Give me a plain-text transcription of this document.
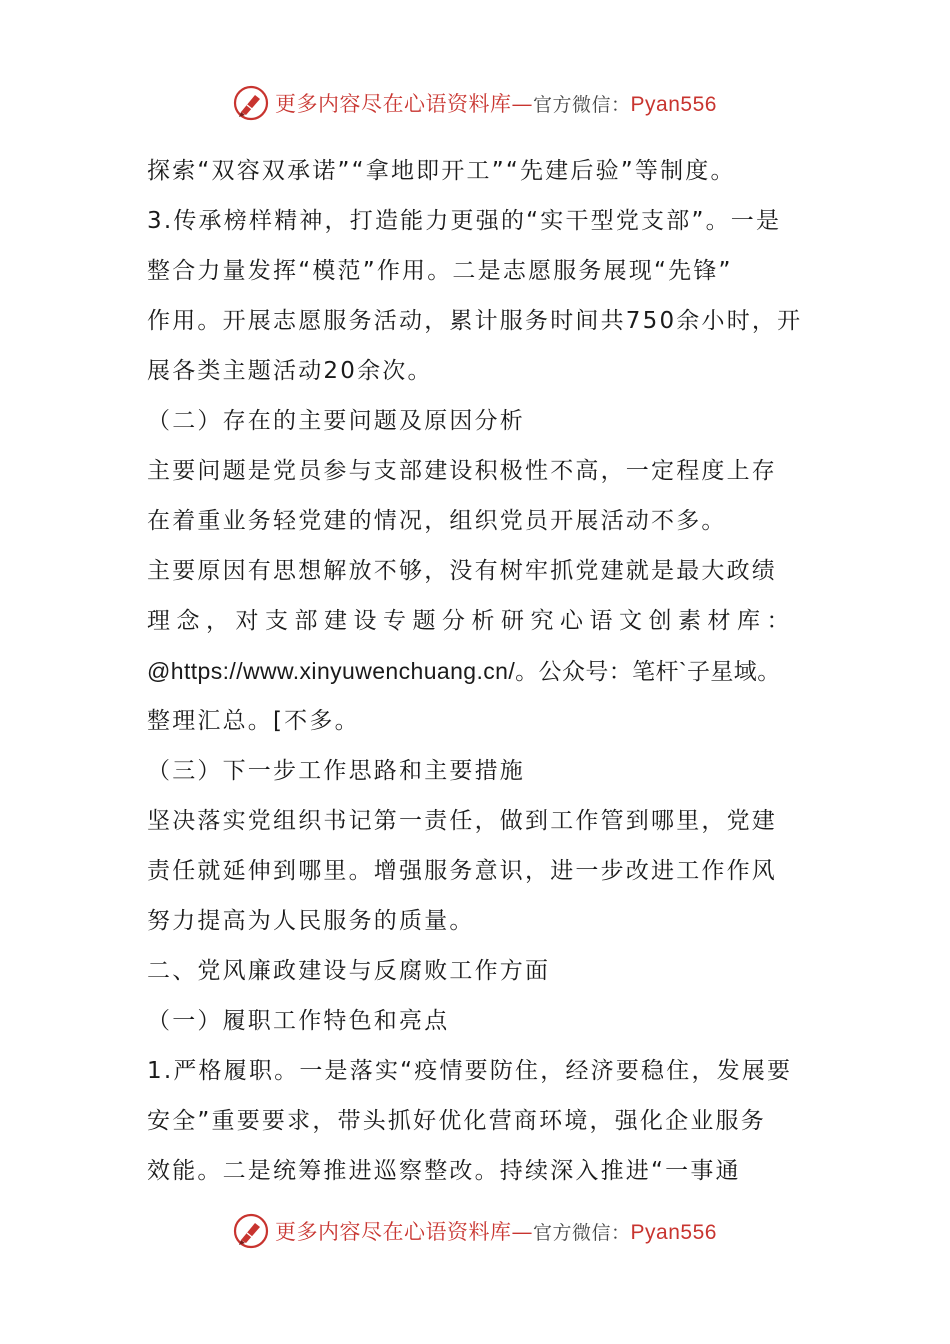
更多内容尽在心语资料库—官方微信：Pyan556
探索“双容双承诺”“拿地即开工”“先建后验”等制度。
3.传承榜样精神，打造能力更强的“实干型党支部”。一是
整合力量发挥“模范”作用。二是志愿服务展现“先锋”
作用。开展志愿服务活动，累计服务时间共750余小时，开
展各类主题活动20余次。
（二）存在的主要问题及原因分析
主要问题是党员参与支部建设积极性不高，一定程度上存
在着重业务轻党建的情况，组织党员开展活动不多。
主要原因有思想解放不够，没有树牢抓党建就是最大政绩
理念，对支部建设专题分析研究心语文创素材库：
@https://www.xinyuwenchuang.cn/。公众号：笔杆`子星域。
整理汇总。[不多。
（三）下一步工作思路和主要措施
坚决落实党组织书记第一责任，做到工作管到哪里，党建
责任就延伸到哪里。增强服务意识，进一步改进工作作风
努力提高为人民服务的质量。
二、党风廉政建设与反腐败工作方面
（一）履职工作特色和亮点
1.严格履职。一是落实“疫情要防住，经济要稳住，发展要
安全”重要要求，带头抓好优化营商环境，强化企业服务
效能。二是统筹推进巡察整改。持续深入推进“一事通
更多内容尽在心语资料库—官方微信：Pyan556
